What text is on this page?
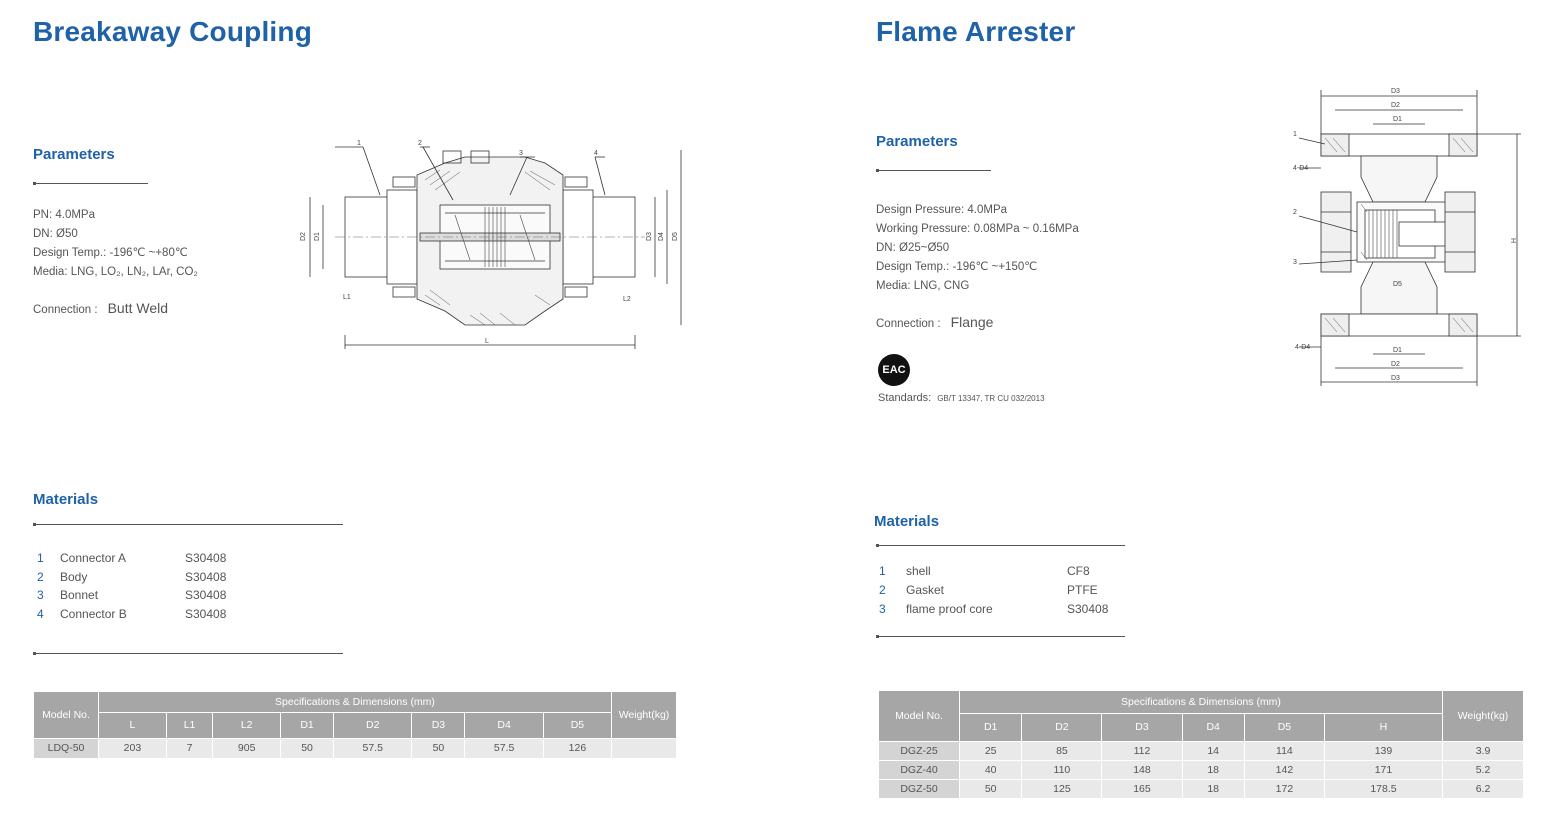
Breakaway Coupling
Parameters
PN: 4.0MPa
DN: Ø50
Design Temp.: -196℃ ~+80℃
Media: LNG, LO₂, LN₂, LAr, CO₂
Connection : Butt Weld
1	2
3	4
L
D2 D1	D3 D4 D5
L1	L2
Materials
1 Connector A	S30408
2 Body	S30408
3 Bonnet	S30408
4 Connector B	S30408
Model No.	Specifications & Dimensions (mm)								Weight(kg)
	L	L1	L2	D1	D2	D3	D4	D5	
LDQ-50	203	7	905	50	57.5	50	57.5	126	
Flame Arrester
Parameters
Design Pressure: 4.0MPa
Working Pressure: 0.08MPa ~ 0.16MPa
DN: Ø25~Ø50
Design Temp.: -196℃ ~+150℃
Media: LNG, CNG
Connection : Flange
EAC
Standards: GB/T 13347, TR CU 032/2013
D3
D2
D1
1
4-D4
2
3
D5
H
4-D4	D1
D2
D3
Materials
1 shell	CF8
2 Gasket	PTFE
3 flame proof core	S30408
Model No.	Specifications & Dimensions (mm)						Weight(kg)
	D1	D2	D3	D4	D5	H	
DGZ-25	25	85	112	14	114	139	3.9
DGZ-40	40	110	148	18	142	171	5.2
DGZ-50	50	125	165	18	172	178.5	6.2
